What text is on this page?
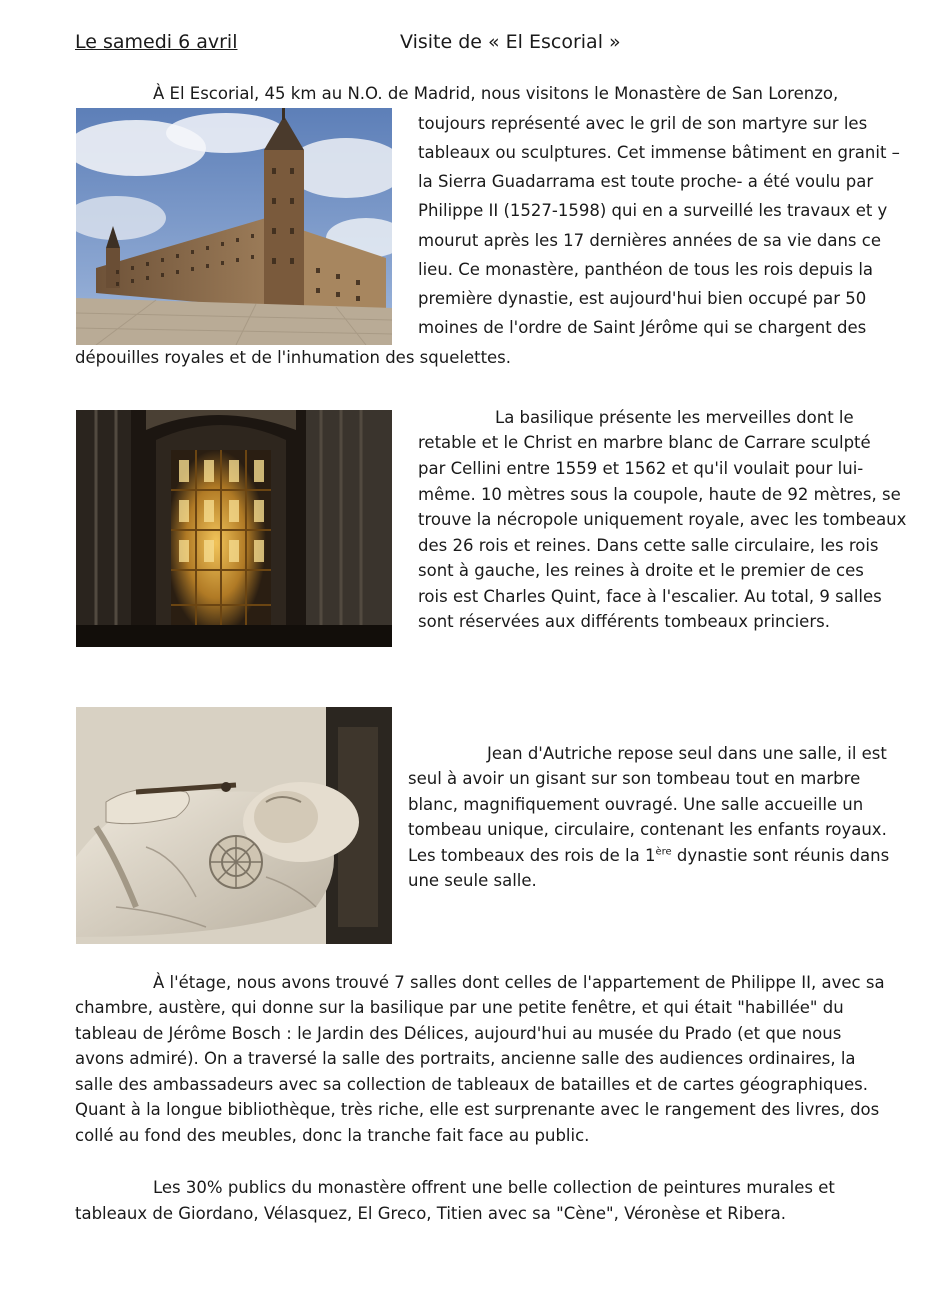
Le samedi 6 avril	Visite de « El Escorial »
À El Escorial, 45 km au N.O. de Madrid, nous visitons le Monastère de San Lorenzo,
toujours représenté avec le gril de son martyre sur les
tableaux ou sculptures. Cet immense bâtiment en granit –
la Sierra Guadarrama est toute proche- a été voulu par
Philippe II (1527-1598) qui en a surveillé les travaux et y
mourut après les 17 dernières années de sa vie dans ce
lieu. Ce monastère, panthéon de tous les rois depuis la
première dynastie, est aujourd'hui bien occupé par 50
moines de l'ordre de Saint Jérôme qui se chargent des
dépouilles royales et de l'inhumation des squelettes.
La basilique présente les merveilles dont le
retable et le Christ en marbre blanc de Carrare sculpté
par Cellini entre 1559 et 1562 et qu'il voulait pour lui-
même. 10 mètres sous la coupole, haute de 92 mètres, se
trouve la nécropole uniquement royale, avec les tombeaux
des 26 rois et reines. Dans cette salle circulaire, les rois
sont à gauche, les reines à droite et le premier de ces
rois est Charles Quint, face à l'escalier. Au total, 9 salles
sont réservées aux différents tombeaux princiers.
Jean d'Autriche repose seul dans une salle, il est
seul à avoir un gisant sur son tombeau tout en marbre
blanc, magnifiquement ouvragé. Une salle accueille un
tombeau unique, circulaire, contenant les enfants royaux.
Les tombeaux des rois de la 1ère dynastie sont réunis dans
une seule salle.
À l'étage, nous avons trouvé 7 salles dont celles de l'appartement de Philippe II, avec sa
chambre, austère, qui donne sur la basilique par une petite fenêtre, et qui était "habillée" du
tableau de Jérôme Bosch : le Jardin des Délices, aujourd'hui au musée du Prado (et que nous
avons admiré). On a traversé la salle des portraits, ancienne salle des audiences ordinaires, la
salle des ambassadeurs avec sa collection de tableaux de batailles et de cartes géographiques.
Quant à la longue bibliothèque, très riche, elle est surprenante avec le rangement des livres, dos
collé au fond des meubles, donc la tranche fait face au public.
Les 30% publics du monastère offrent une belle collection de peintures murales et
tableaux de Giordano, Vélasquez, El Greco, Titien avec sa "Cène", Véronèse et Ribera.
